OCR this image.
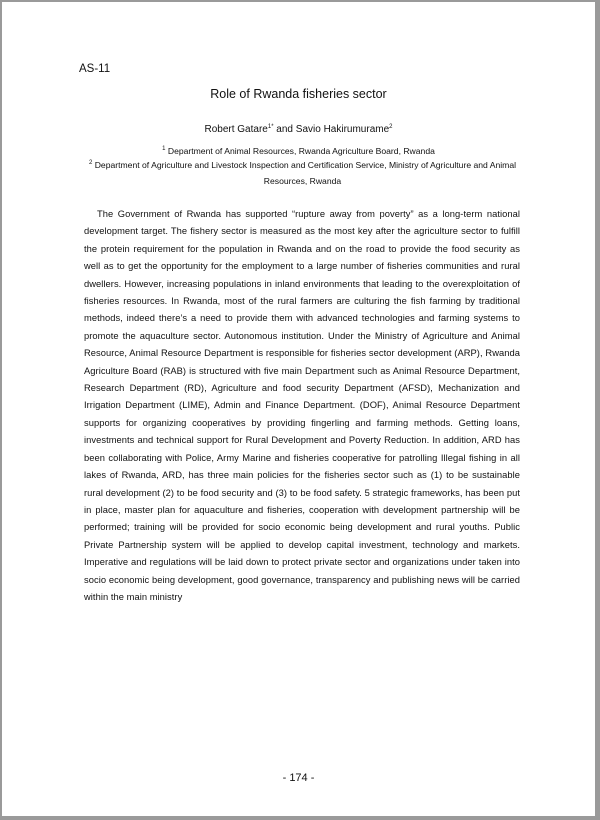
AS-11
Role of Rwanda fisheries sector
Robert Gatare$^{1*}$ and Savio Hakirumurame$^2$
$^1$ Department of Animal Resources, Rwanda Agriculture Board, Rwanda
$^2$ Department of Agriculture and Livestock Inspection and Certification Service, Ministry of Agriculture and Animal Resources, Rwanda
The Government of Rwanda has supported “rupture away from poverty” as a long-term national development target. The fishery sector is measured as the most key after the agriculture sector to fulfill the protein requirement for the population in Rwanda and on the road to provide the food security as well as to get the opportunity for the employment to a large number of fisheries communities and rural dwellers. However, increasing populations in inland environments that leading to the overexploitation of fisheries resources. In Rwanda, most of the rural farmers are culturing the fish farming by traditional methods, indeed there’s a need to provide them with advanced technologies and farming systems to promote the aquaculture sector. Autonomous institution. Under the Ministry of Agriculture and Animal Resource, Animal Resource Department is responsible for fisheries sector development (ARP), Rwanda Agriculture Board (RAB) is structured with five main Department such as Animal Resource Department, Research Department (RD), Agriculture and food security Department (AFSD), Mechanization and Irrigation Department (LIME), Admin and Finance Department. (DOF), Animal Resource Department supports for organizing cooperatives by providing fingerling and farming methods. Getting loans, investments and technical support for Rural Development and Poverty Reduction. In addition, ARD has been collaborating with Police, Army Marine and fisheries cooperative for patrolling Illegal fishing in all lakes of Rwanda, ARD, has three main policies for the fisheries sector such as (1) to be sustainable rural development (2) to be food security and (3) to be food safety. 5 strategic frameworks, has been put in place, master plan for aquaculture and fisheries, cooperation with development partnership will be performed; training will be provided for socio economic being development and rural youths. Public Private Partnership system will be applied to develop capital investment, technology and markets. Imperative and regulations will be laid down to protect private sector and organizations under taken into socio economic being development, good governance, transparency and publishing news will be carried within the main ministry
- 174 -
